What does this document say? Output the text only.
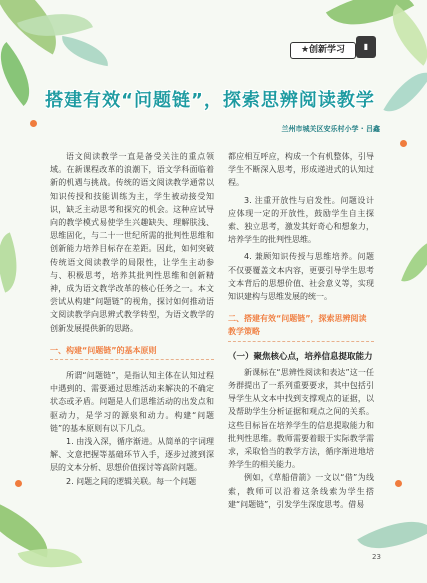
★创新学习	▮
搭建有效“问题链”，探索思辨阅读教学
兰州市城关区安乐村小学 · 吕鑫

语文阅读教学一直是备受关注的重点领域。在新课程改革的浪潮下，语文学科面临着新的机遇与挑战。传统的语文阅读教学通常以知识传授和技能训练为主，学生被动接受知识，缺乏主动思考和探究的机会。这种应试导向的教学模式易使学生兴趣缺失、理解肤浅、思维固化，与二十一世纪所需的批判性思维和创新能力培养目标存在差距。因此，如何突破传统语文阅读教学的局限性，让学生主动参与、积极思考，培养其批判性思维和创新精神，成为语文教学改革的核心任务之一。本文尝试从构建“问题链”的视角，探讨如何推动语文阅读教学向思辨式教学转型，为语文教学的创新发展提供新的思路。

一、构建“问题链”的基本原则

所谓“问题链”，是指认知主体在认知过程中遇到的、需要通过思维活动来解决的不确定状态或矛盾。问题是人们思维活动的出发点和驱动力，是学习的源泉和动力。构建“问题链”的基本原则有以下几点。

1. 由浅入深，循序渐进。从简单的字词理解、文意把握等基础环节入手，逐步过渡到深层的文本分析、思想价值探讨等高阶问题。

2. 问题之间的逻辑关联。每一个问题

都应相互呼应，构成一个有机整体，引导学生不断深入思考，形成递进式的认知过程。

3. 注重开放性与启发性。问题设计应体现一定的开放性，鼓励学生自主探索、独立思考，激发其好奇心和想象力，培养学生的批判性思维。

4. 兼顾知识传授与思维培养。问题不仅要覆盖文本内容，更要引导学生思考文本背后的思想价值、社会意义等，实现知识建构与思维发展的统一。

二、搭建有效“问题链”，探索思辨阅读教学策略
（一）聚焦核心点，培养信息提取能力

新课标在“思辨性阅读和表达”这一任务群提出了一系列重要要求，其中包括引导学生从文本中找到支撑观点的证据，以及帮助学生分析证据和观点之间的关系。这些目标旨在培养学生的信息提取能力和批判性思维。教师需要着眼于实际教学需求，采取恰当的教学方法，循序渐进地培养学生的相关能力。

例如，《草船借箭》一文以“借”为线索，教师可以沿着这条线索为学生搭建“问题链”，引发学生深度思考。借易

23
